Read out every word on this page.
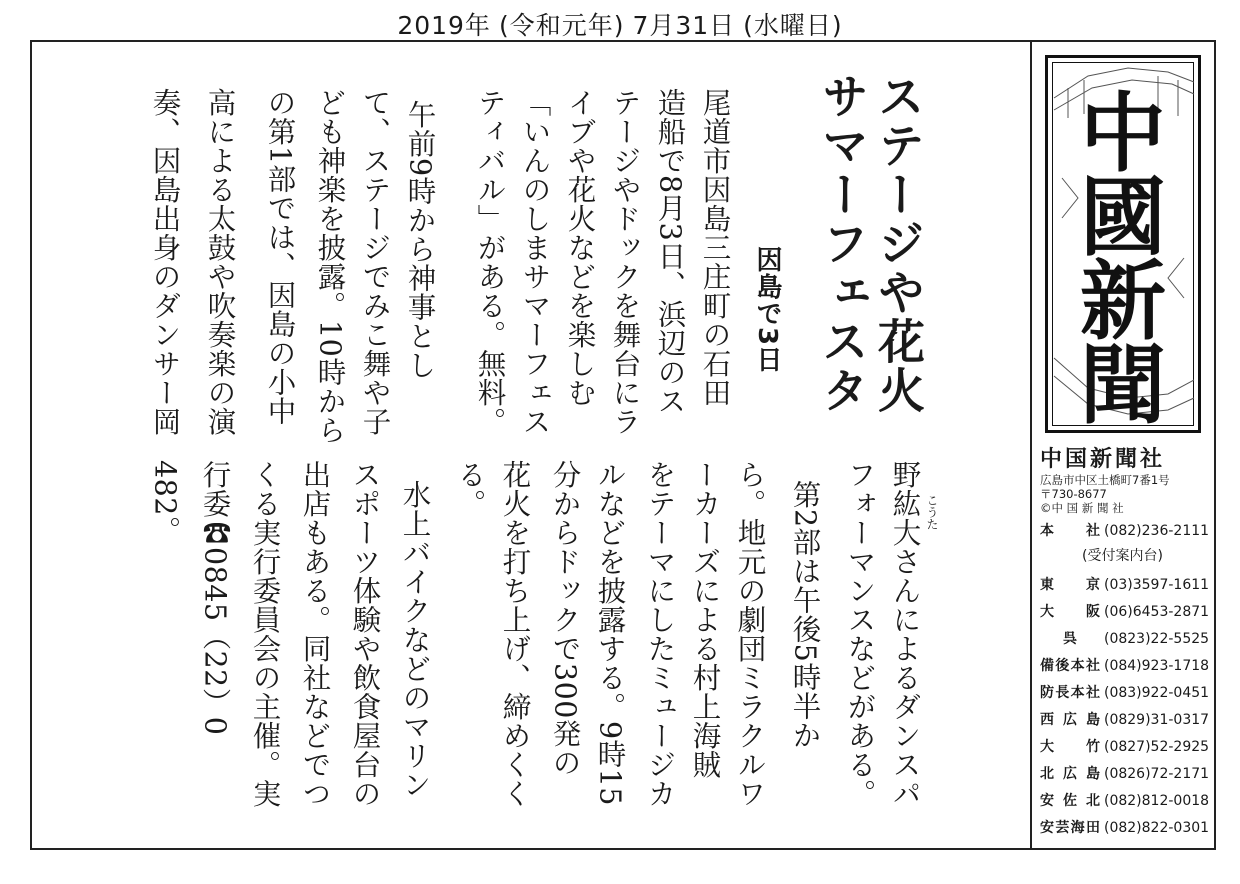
2019年 (令和元年) 7月31日 (水曜日)
ステージや花火
サマーフェスタ
因島で3日
尾道市因島三庄町の石田
造船で8月3日、浜辺のス
テージやドックを舞台にラ
イブや花火などを楽しむ
「いんのしまサマーフェス
ティバル」がある。無料。
午前9時から神事とし
て、ステージでみこ舞や子
ども神楽を披露。10時から
の第1部では、因島の小中
高による太鼓や吹奏楽の演
奏、因島出身のダンサー岡
こうた
野紘大さんによるダンスパ
フォーマンスなどがある。
第2部は午後5時半か
ら。地元の劇団ミラクルワ
ーカーズによる村上海賊
をテーマにしたミュージカ
ルなどを披露する。9時15
分からドックで300発の
花火を打ち上げ、締めくく
る。
水上バイクなどのマリン
スポーツ体験や飲食屋台の
出店もある。同社などでつ
くる実行委員会の主催。実
行委☎0845（22）0
482。
中
國
新
聞
中国新聞社
広島市中区土橋町7番1号
〒730-8677
©中 国 新 聞 社
本社 (082)236-2111
(受付案内台)
東京 (03)3597-1611
大阪 (06)6453-2871
呉 (0823)22-5525
備後本社 (084)923-1718
防長本社 (083)922-0451
西広島 (0829)31-0317
大竹 (0827)52-2925
北広島 (0826)72-2171
安佐北 (082)812-0018
安芸海田 (082)822-0301
